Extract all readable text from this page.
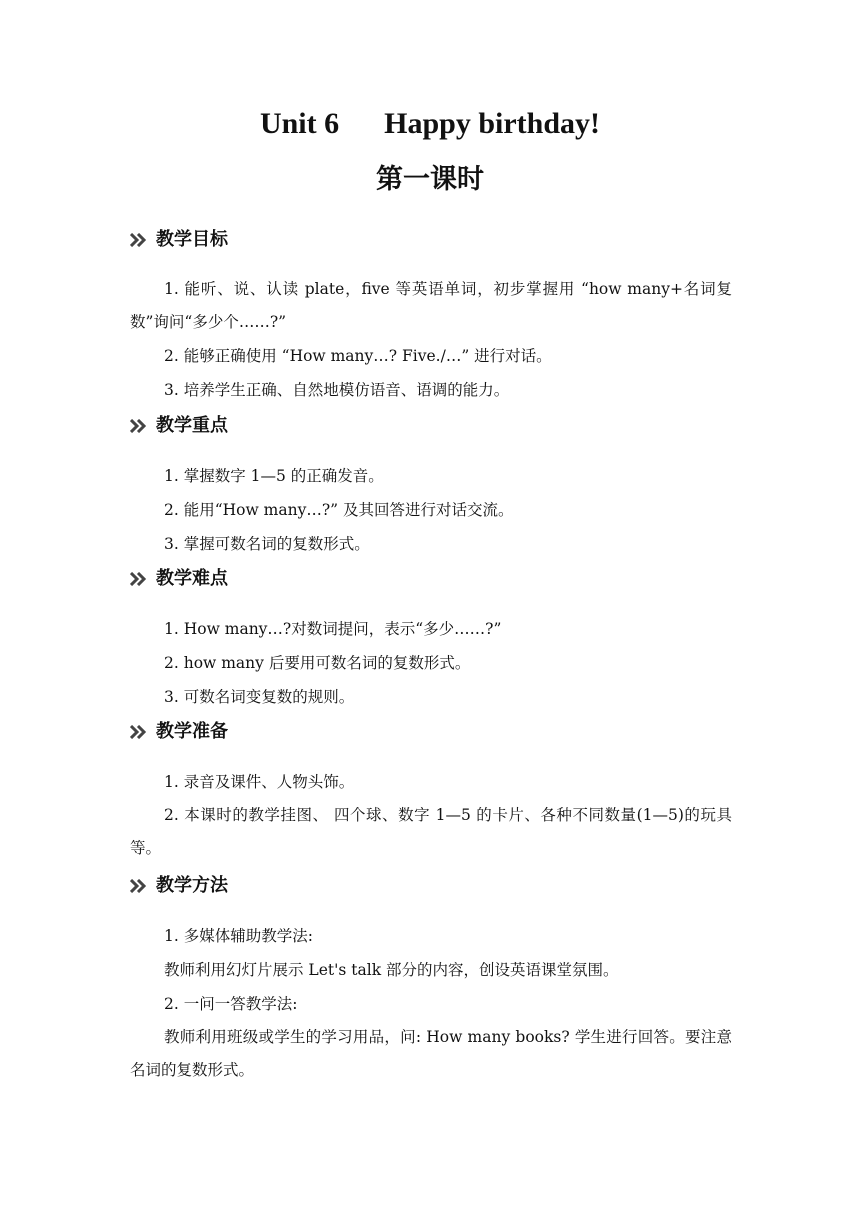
Unit 6      Happy birthday!
第一课时
教学目标
1. 能听、说、认读 plate，five 等英语单词，初步掌握用 “how many+名词复数”询问“多少个……?”
2. 能够正确使用 “How many…? Five./…” 进行对话。
3. 培养学生正确、自然地模仿语音、语调的能力。
教学重点
1. 掌握数字 1—5 的正确发音。
2. 能用“How many…?” 及其回答进行对话交流。
3. 掌握可数名词的复数形式。
教学难点
1. How many…?对数词提问，表示“多少……?”
2. how many 后要用可数名词的复数形式。
3. 可数名词变复数的规则。
教学准备
1. 录音及课件、人物头饰。
2. 本课时的教学挂图、 四个球、数字 1—5 的卡片、各种不同数量(1—5)的玩具等。
教学方法
1. 多媒体辅助教学法:
教师利用幻灯片展示 Let's talk 部分的内容，创设英语课堂氛围。
2. 一问一答教学法:
教师利用班级或学生的学习用品，问: How many books? 学生进行回答。要注意名词的复数形式。
